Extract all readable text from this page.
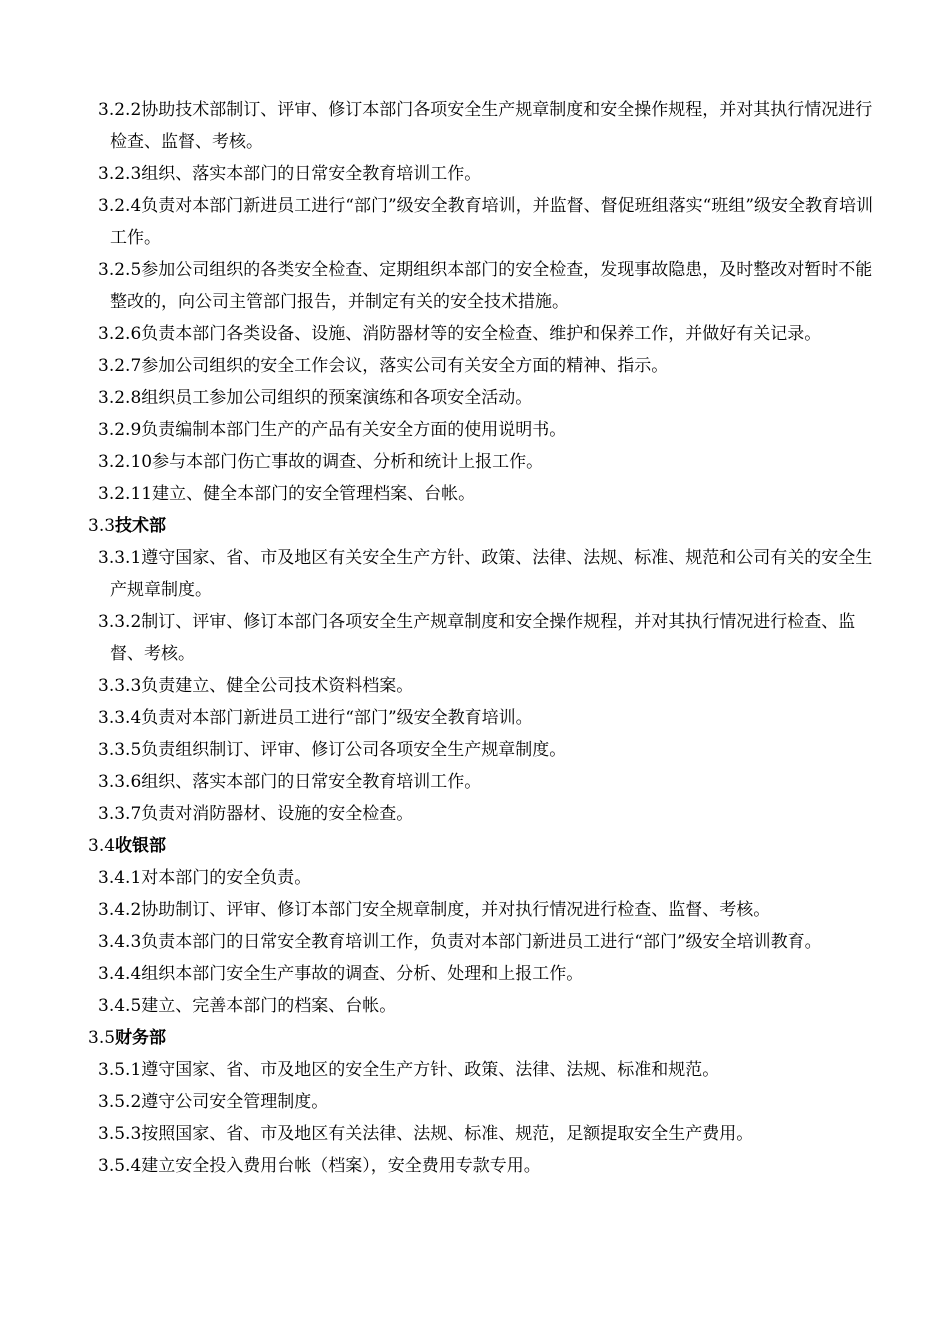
3.2.2协助技术部制订、评审、修订本部门各项安全生产规章制度和安全操作规程，并对其执行情况进行检查、监督、考核。

3.2.3组织、落实本部门的日常安全教育培训工作。

3.2.4负责对本部门新进员工进行“部门”级安全教育培训，并监督、督促班组落实“班组”级安全教育培训工作。

3.2.5参加公司组织的各类安全检查、定期组织本部门的安全检查，发现事故隐患，及时整改对暂时不能整改的，向公司主管部门报告，并制定有关的安全技术措施。

3.2.6负责本部门各类设备、设施、消防器材等的安全检查、维护和保养工作，并做好有关记录。

3.2.7参加公司组织的安全工作会议，落实公司有关安全方面的精神、指示。

3.2.8组织员工参加公司组织的预案演练和各项安全活动。

3.2.9负责编制本部门生产的产品有关安全方面的使用说明书。

3.2.10参与本部门伤亡事故的调查、分析和统计上报工作。

3.2.11建立、健全本部门的安全管理档案、台帐。

3.3技术部

3.3.1遵守国家、省、市及地区有关安全生产方针、政策、法律、法规、标准、规范和公司有关的安全生产规章制度。

3.3.2制订、评审、修订本部门各项安全生产规章制度和安全操作规程，并对其执行情况进行检查、监督、考核。

3.3.3负责建立、健全公司技术资料档案。

3.3.4负责对本部门新进员工进行“部门”级安全教育培训。

3.3.5负责组织制订、评审、修订公司各项安全生产规章制度。

3.3.6组织、落实本部门的日常安全教育培训工作。

3.3.7负责对消防器材、设施的安全检查。

3.4收银部

3.4.1对本部门的安全负责。

3.4.2协助制订、评审、修订本部门安全规章制度，并对执行情况进行检查、监督、考核。

3.4.3负责本部门的日常安全教育培训工作，负责对本部门新进员工进行“部门”级安全培训教育。

3.4.4组织本部门安全生产事故的调查、分析、处理和上报工作。

3.4.5建立、完善本部门的档案、台帐。

3.5财务部

3.5.1遵守国家、省、市及地区的安全生产方针、政策、法律、法规、标准和规范。

3.5.2遵守公司安全管理制度。

3.5.3按照国家、省、市及地区有关法律、法规、标准、规范，足额提取安全生产费用。

3.5.4建立安全投入费用台帐（档案），安全费用专款专用。
